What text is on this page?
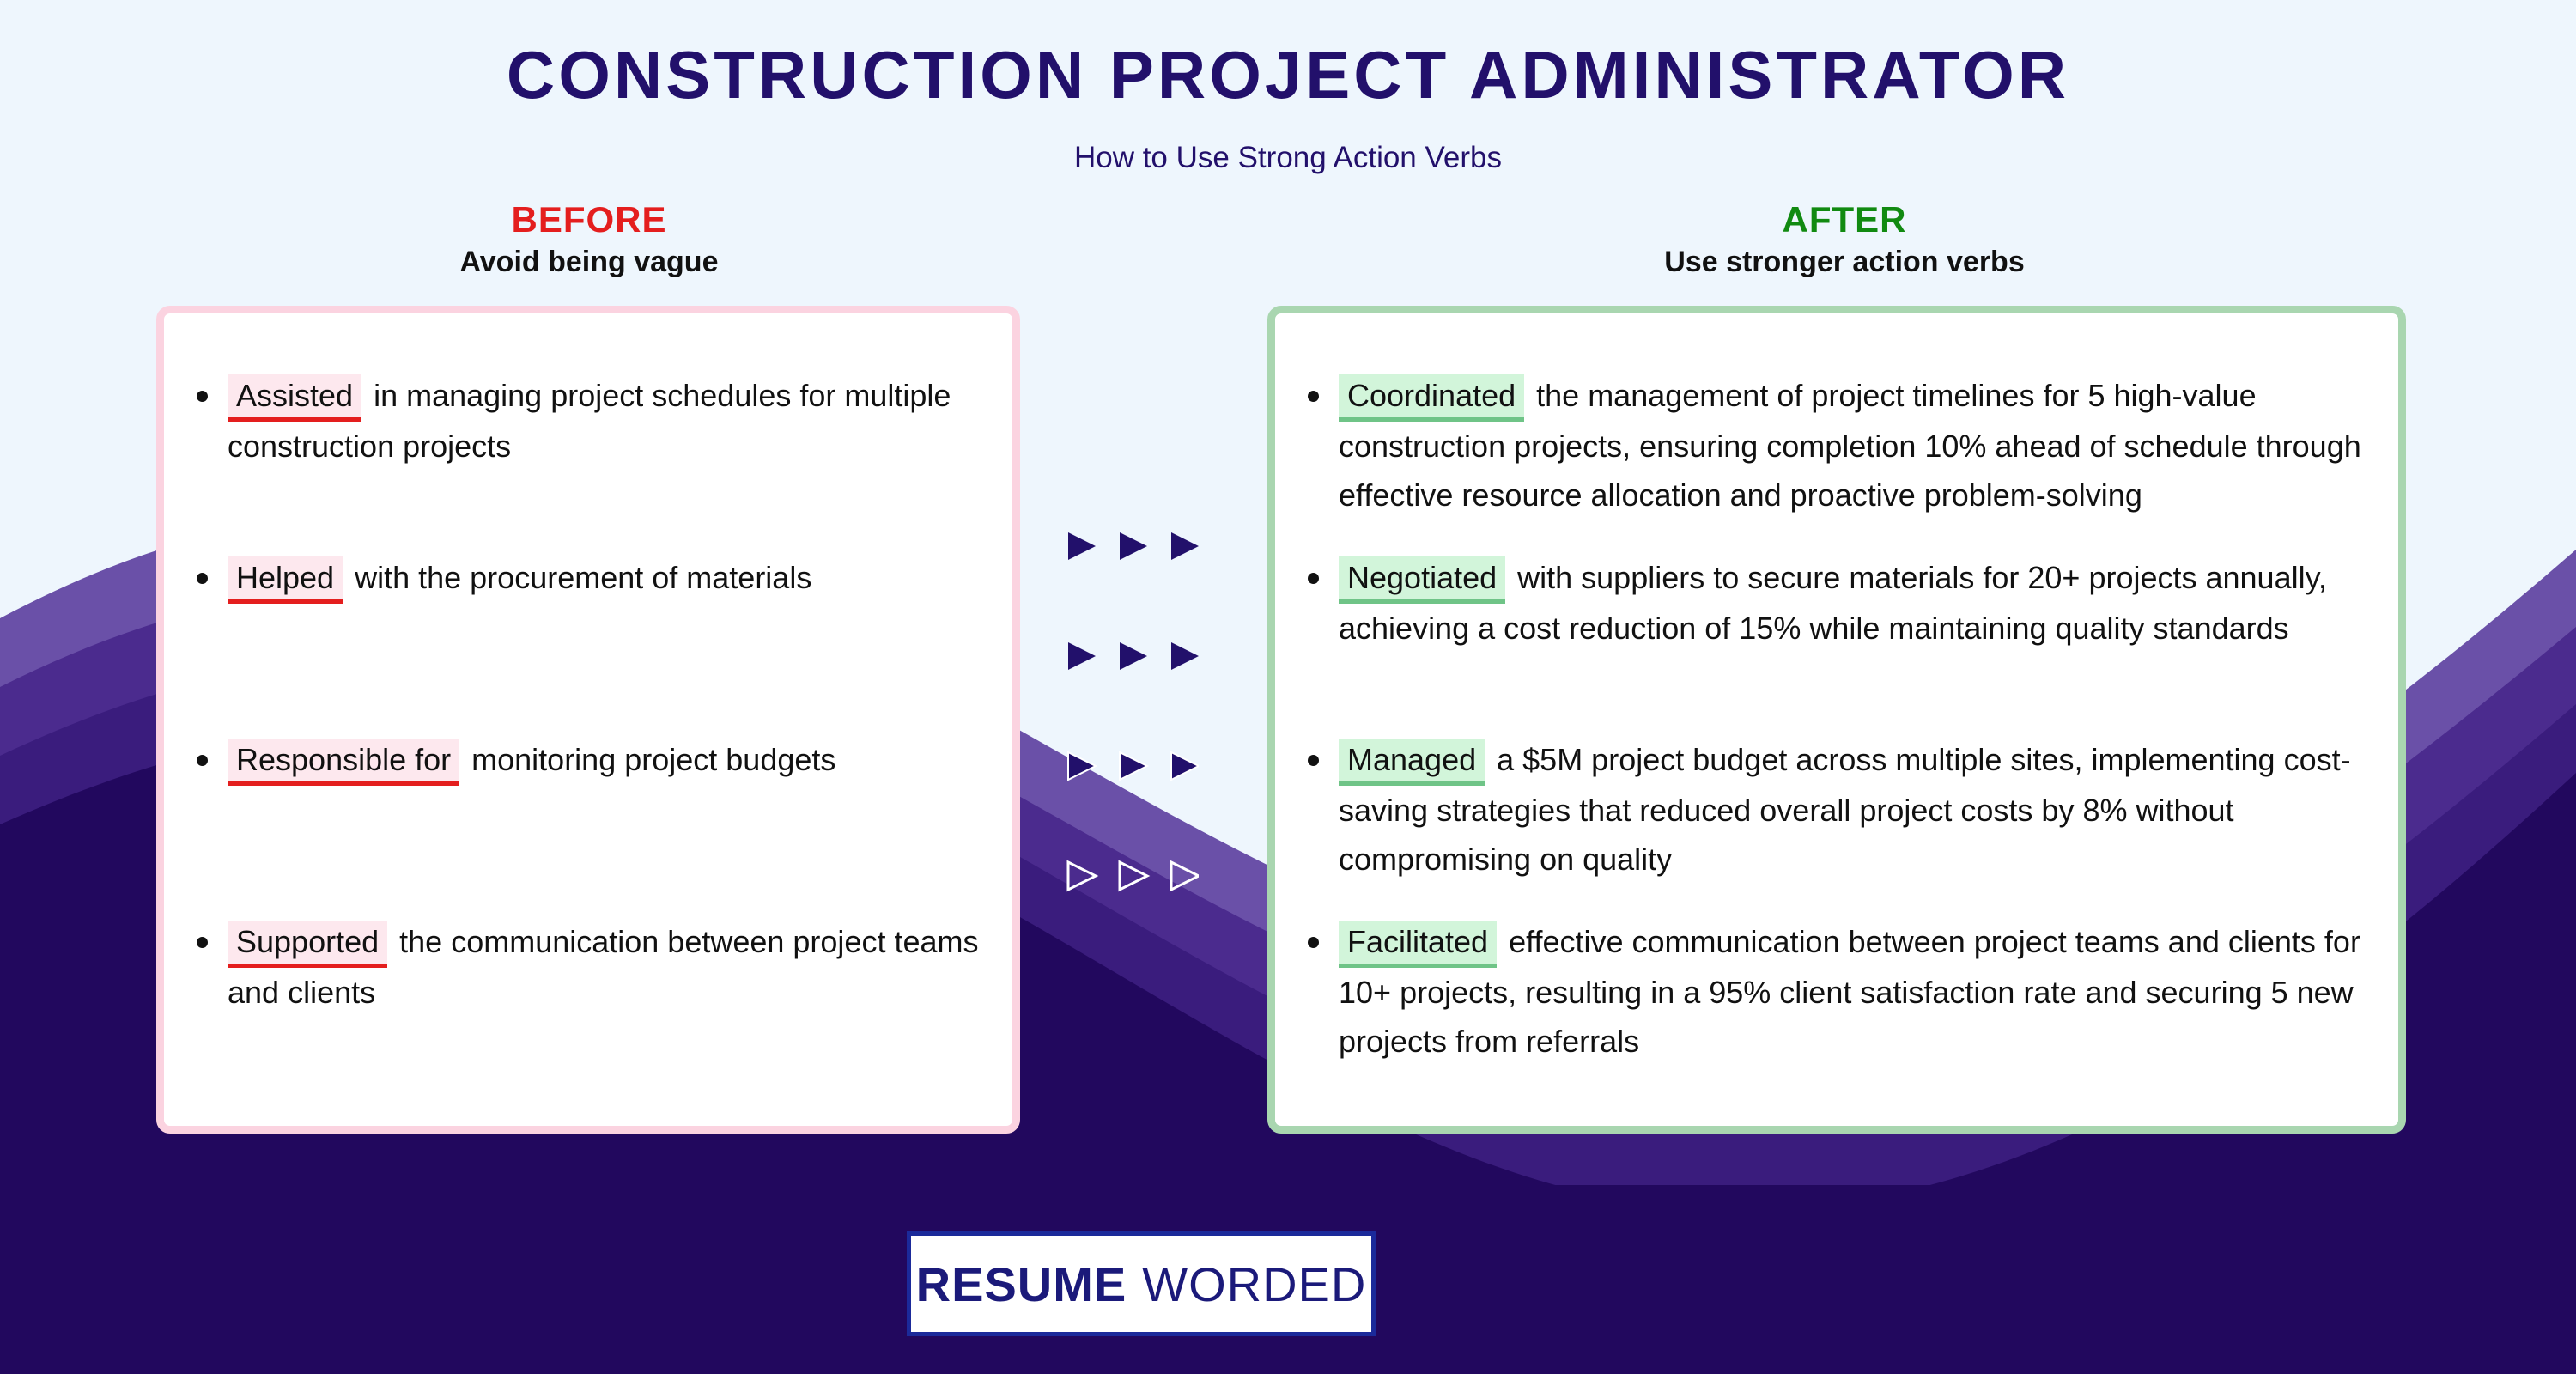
CONSTRUCTION PROJECT ADMINISTRATOR
How to Use Strong Action Verbs
BEFORE
Avoid being vague
AFTER
Use stronger action verbs
Assisted in managing project schedules for multiple construction projects
Helped with the procurement of materials
Responsible for monitoring project budgets
Supported the communication between project teams and clients
Coordinated the management of project timelines for 5 high-value construction projects, ensuring completion 10% ahead of schedule through effective resource allocation and proactive problem-solving
Negotiated with suppliers to secure materials for 20+ projects annually, achieving a cost reduction of 15% while maintaining quality standards
Managed a $5M project budget across multiple sites, implementing cost-saving strategies that reduced overall project costs by 8% without compromising on quality
Facilitated effective communication between project teams and clients for 10+ projects, resulting in a 95% client satisfaction rate and securing 5 new projects from referrals
RESUME WORDED
